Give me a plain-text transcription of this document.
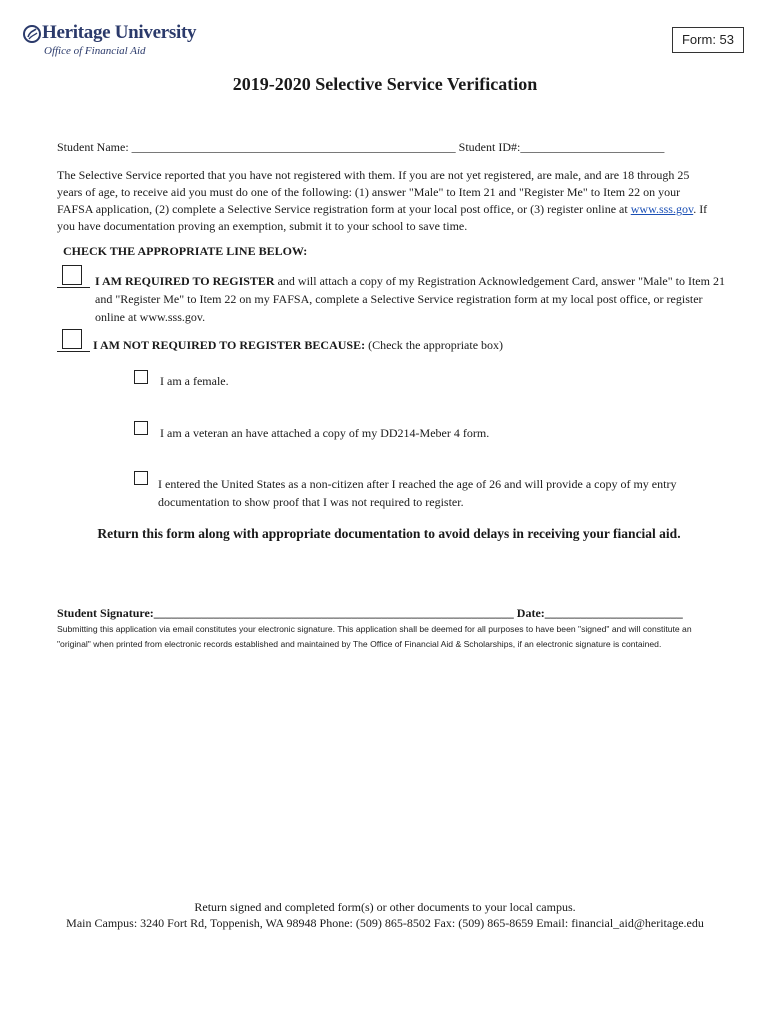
Heritage University
Office of Financial Aid
Form: 53
2019-2020 Selective Service Verification
Student Name: ______________________________________________________ Student ID#:________________________
The Selective Service reported that you have not registered with them. If you are not yet registered, are male, and are 18 through 25 years of age, to receive aid you must do one of the following: (1) answer "Male" to Item 21 and "Register Me" to Item 22 on your FAFSA application, (2) complete a Selective Service registration form at your local post office, or (3) register online at www.sss.gov. If you have documentation proving an exemption, submit it to your school to save time.
CHECK THE APPROPRIATE LINE BELOW:
I AM REQUIRED TO REGISTER and will attach a copy of my Registration Acknowledgement Card, answer "Male" to Item 21 and "Register Me" to Item 22 on my FAFSA, complete a Selective Service registration form at my local post office, or register online at www.sss.gov.
I AM NOT REQUIRED TO REGISTER BECAUSE: (Check the appropriate box)
I am a female.
I am a veteran an have attached a copy of my DD214-Meber 4 form.
I entered the United States as a non-citizen after I reached the age of 26 and will provide a copy of my entry documentation to show proof that I was not required to register.
Return this form along with appropriate documentation to avoid delays in receiving your fiancial aid.
Student Signature:____________________________________________________________ Date:_______________________
Submitting this application via email constitutes your electronic signature. This application shall be deemed for all purposes to have been "signed" and will constitute an "original" when printed from electronic records established and maintained by The Office of Financial Aid & Scholarships, if an electronic signature is contained.
Return signed and completed form(s) or other documents to your local campus.
Main Campus: 3240 Fort Rd, Toppenish, WA 98948 Phone: (509) 865-8502 Fax: (509) 865-8659 Email: financial_aid@heritage.edu
